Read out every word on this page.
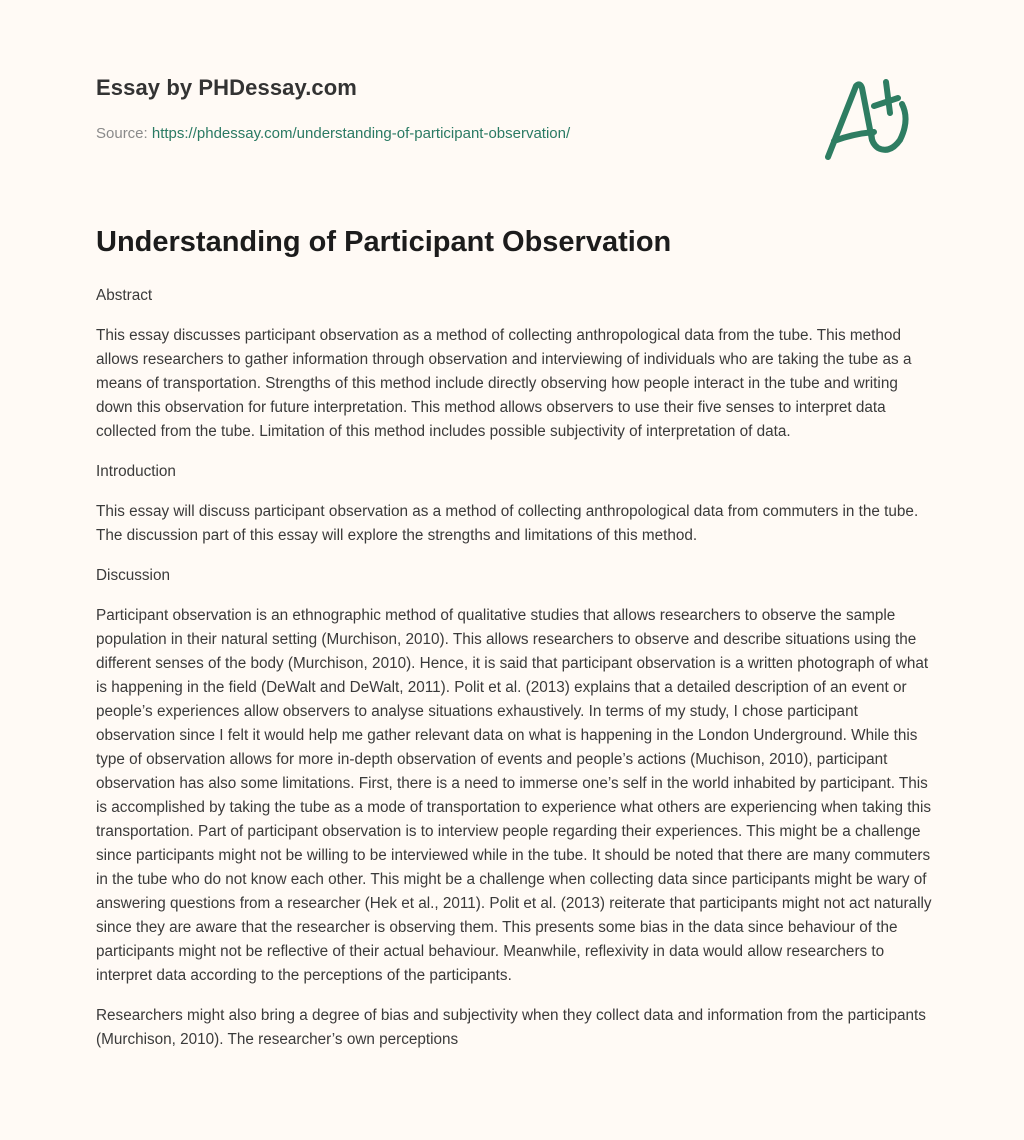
Essay by PHDessay.com
Source: https://phdessay.com/understanding-of-participant-observation/
Understanding of Participant Observation

Abstract

This essay discusses participant observation as a method of collecting anthropological data from the tube. This method allows researchers to gather information through observation and interviewing of individuals who are taking the tube as a means of transportation. Strengths of this method include directly observing how people interact in the tube and writing down this observation for future interpretation. This method allows observers to use their five senses to interpret data collected from the tube. Limitation of this method includes possible subjectivity of interpretation of data.

Introduction

This essay will discuss participant observation as a method of collecting anthropological data from commuters in the tube. The discussion part of this essay will explore the strengths and limitations of this method.

Discussion

Participant observation is an ethnographic method of qualitative studies that allows researchers to observe the sample population in their natural setting (Murchison, 2010). This allows researchers to observe and describe situations using the different senses of the body (Murchison, 2010). Hence, it is said that participant observation is a written photograph of what is happening in the field (DeWalt and DeWalt, 2011). Polit et al. (2013) explains that a detailed description of an event or people’s experiences allow observers to analyse situations exhaustively. In terms of my study, I chose participant observation since I felt it would help me gather relevant data on what is happening in the London Underground. While this type of observation allows for more in-depth observation of events and people’s actions (Muchison, 2010), participant observation has also some limitations. First, there is a need to immerse one’s self in the world inhabited by participant. This is accomplished by taking the tube as a mode of transportation to experience what others are experiencing when taking this transportation. Part of participant observation is to interview people regarding their experiences. This might be a challenge since participants might not be willing to be interviewed while in the tube. It should be noted that there are many commuters in the tube who do not know each other. This might be a challenge when collecting data since participants might be wary of answering questions from a researcher (Hek et al., 2011). Polit et al. (2013) reiterate that participants might not act naturally since they are aware that the researcher is observing them. This presents some bias in the data since behaviour of the participants might not be reflective of their actual behaviour. Meanwhile, reflexivity in data would allow researchers to interpret data according to the perceptions of the participants.

Researchers might also bring a degree of bias and subjectivity when they collect data and information from the participants (Murchison, 2010). The researcher’s own perceptions
